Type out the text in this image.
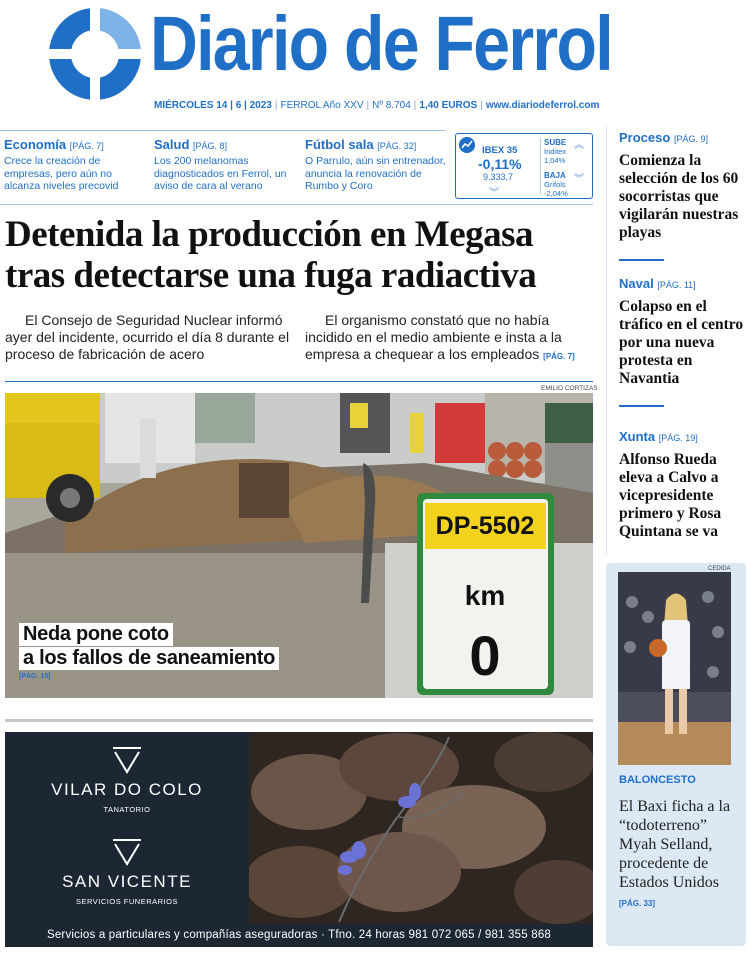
Diario de Ferrol
MIÉRCOLES 14 | 6 | 2023 | FERROL Año XXV | Nº 8.704 | 1,40 EUROS | www.diariodeferrol.com
Economía [PÁG. 7]

Crece la creación de empresas, pero aún no alcanza niveles precovid

Salud [PÁG. 8]

Los 200 melanomas diagnosticados en Ferrol, un aviso de cara al verano

Fútbol sala [PÁG. 32]

O Parrulo, aún sin entrenador, anuncia la renovación de Rumbo y Coro

IBEX 35
-0,11%
9.333,7
︾
SUBE
Inditex
1,04%
︽
BAJA
Grifols
-2,04%
︾
Detenida la producción en Megasa
tras detectarse una fuga radiactiva
El Consejo de Seguridad Nuclear informó ayer del incidente, ocurrido el día 8 durante el proceso de fabricación de acero
El organismo constató que no había incidido en el medio ambiente e insta a la empresa a chequear a los empleados [PÁG. 7]
EMILIO CORTIZAS
DP-5502
km
0
Neda pone coto
a los fallos de saneamiento
[PÁG. 15]
VILAR DO COLO
TANATORIO
SAN VICENTE
SERVICIOS FUNERARIOS
Servicios a particulares y compañías aseguradoras · Tfno. 24 horas 981 072 065 / 981 355 868
Proceso [PÁG. 9]
Comienza la selección de los 60 socorristas que vigilarán nuestras playas
Naval [PÁG. 11]
Colapso en el tráfico en el centro por una nueva protesta en Navantia
Xunta [PÁG. 19]
Alfonso Rueda eleva a Calvo a vicepresidente primero y Rosa Quintana se va
CEDIDA
BALONCESTO
El Baxi ficha a la “todoterreno” Myah Selland, procedente de Estados Unidos [PÁG. 33]
